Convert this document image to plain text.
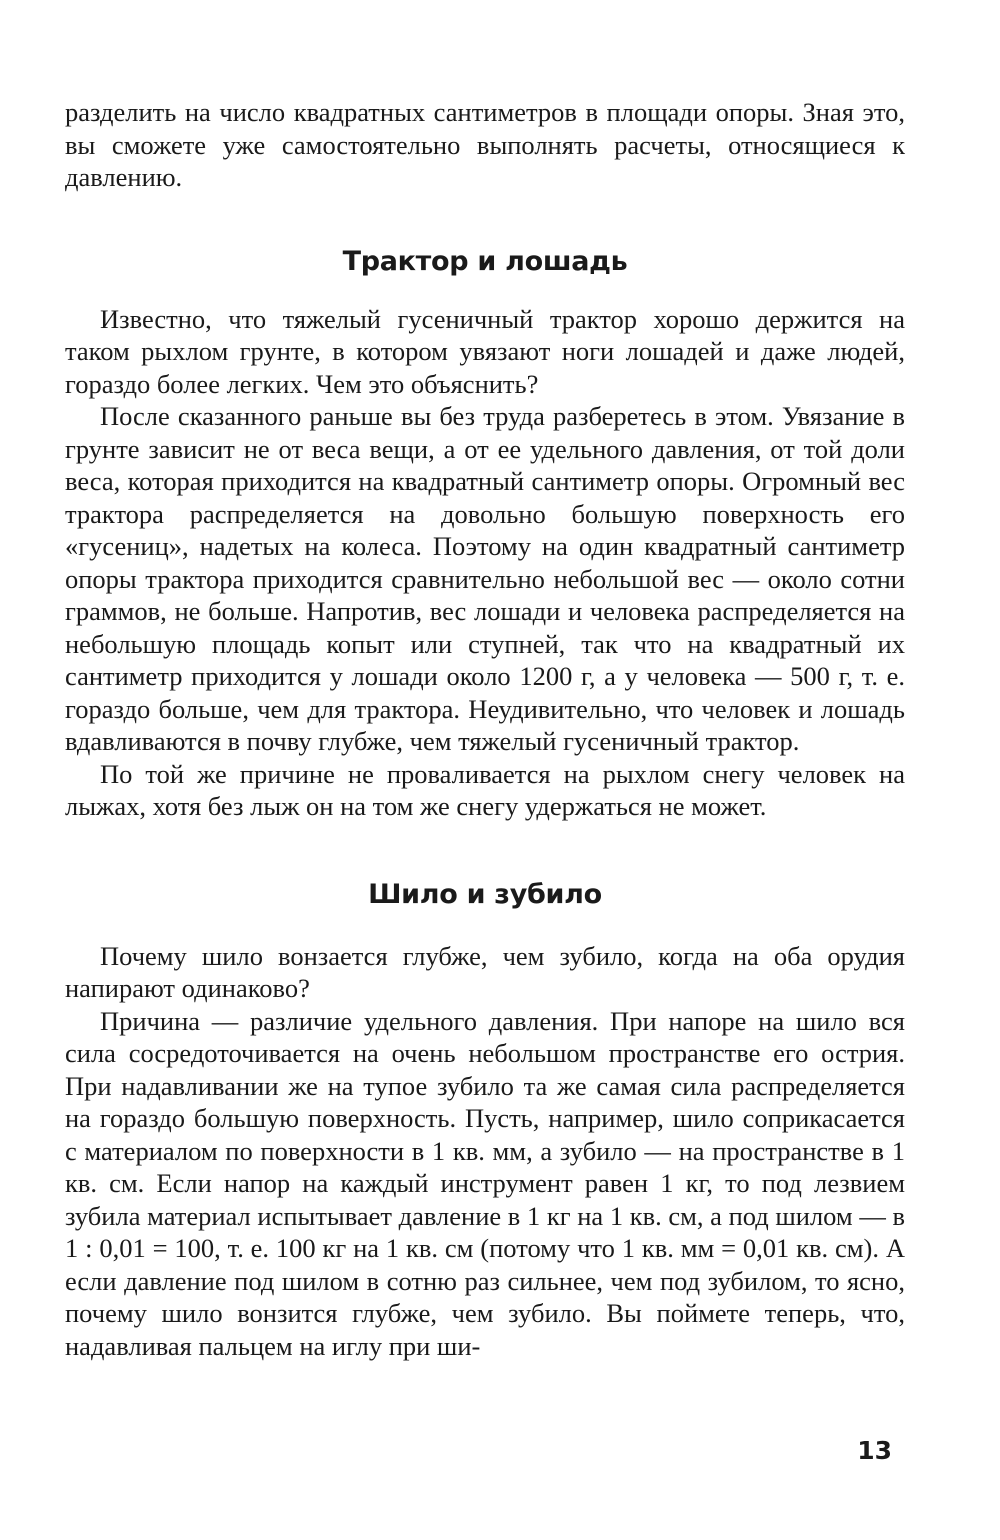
разделить на число квадратных сантиметров в площади опоры. Зная это, вы сможете уже самостоятельно выполнять расчеты, относящиеся к давлению.

Трактор и лошадь

Известно, что тяжелый гусеничный трактор хорошо держится на таком рыхлом грунте, в котором увязают ноги лошадей и даже людей, гораздо более легких. Чем это объяснить?

После сказанного раньше вы без труда разберетесь в этом. Увязание в грунте зависит не от веса вещи, а от ее удельного давления, от той доли веса, которая приходится на квадратный сантиметр опоры. Огромный вес трактора распределяется на довольно большую поверхность его «гусениц», надетых на колеса. Поэтому на один квадратный сантиметр опоры трактора приходится сравнительно небольшой вес — около сотни граммов, не больше. Напротив, вес лошади и человека распределяется на небольшую площадь копыт или ступней, так что на квадратный их сантиметр приходится у лошади около 1200 г, а у человека — 500 г, т. е. гораздо больше, чем для трактора. Неудивительно, что человек и лошадь вдавливаются в почву глубже, чем тяжелый гусеничный трактор.

По той же причине не проваливается на рыхлом снегу человек на лыжах, хотя без лыж он на том же снегу удержаться не может.

Шило и зубило

Почему шило вонзается глубже, чем зубило, когда на оба орудия напирают одинаково?

Причина — различие удельного давления. При напоре на шило вся сила сосредоточивается на очень небольшом пространстве его острия. При надавливании же на тупое зубило та же самая сила распределяется на гораздо большую поверхность. Пусть, например, шило соприкасается с материалом по поверхности в 1 кв. мм, а зубило — на пространстве в 1 кв. см. Если напор на каждый инструмент равен 1 кг, то под лезвием зубила материал испытывает давление в 1 кг на 1 кв. см, а под шилом — в 1 : 0,01 = 100, т. е. 100 кг на 1 кв. см (потому что 1 кв. мм = 0,01 кв. см). А если давление под шилом в сотню раз сильнее, чем под зубилом, то ясно, почему шило вонзится глубже, чем зубило. Вы поймете теперь, что, надавливая пальцем на иглу при ши-

13
